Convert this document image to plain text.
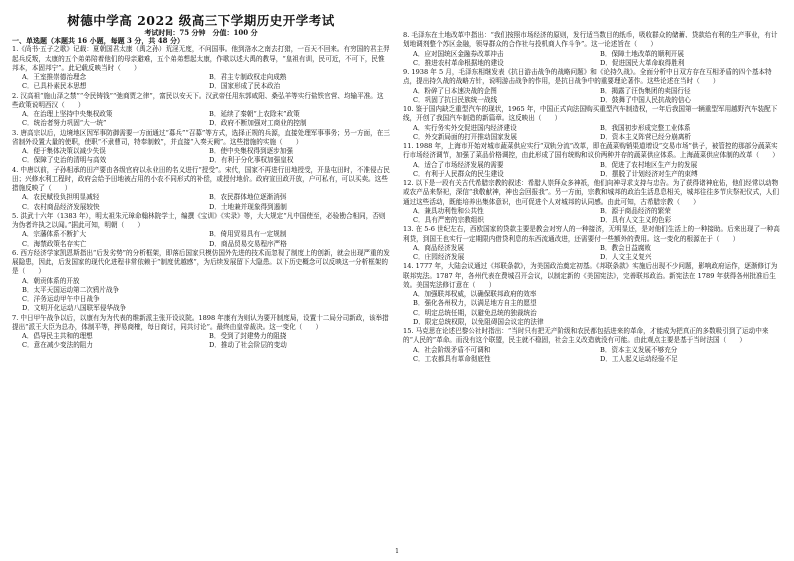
树德中学高 2022 级高三下学期历史开学考试
考试时间：75 分钟　分值：100 分
一、单选题（本题共 16 小题，每题 3 分，共 48 分）

1.《尚书·五子之歌》记载：夏朝国君太康（禹之孙）荒淫无度，不问国事。他到洛水之南去打猎，一百天不回来。有穷国的君主羿起兵反叛，太康的五个弟弟陪着他们的母亲避难，五个弟弟想起太康，作歌以述大禹的教导，“皇祖有训，民可近，不可下，民惟邦本，本固邦宁”。此记载反映当时（　　）

A．王室推崇德治理念	B．君主专制政权走向成熟
C．已具朴素民本思想	D．国家形成了民本政治

2. 汉高祖“施山泽之禁”“令民铸钱”“弛商贾之律”，富民以安天下。汉武帝任用东郭咸阳、桑弘羊等实行盐铁官营、均输平准。这些政策说明西汉（　　）

A．在治理上坚持中央集权政策	B．延续了秦朝“上农除末”政策
C．统治者努力巩固“大一统”	D．政府不断加强对工商业的控制

3. 唐高宗以后，边境地区因军事防御需要一方面通过“募兵”“召募”等方式，选择正规的兵源，直接处理军事事务；另一方面，在三省制外设置大量的使职，使职“不隶曹司，特奉制敕”，并直接“入奏天阙”。这些措施的实施（　　）

A．便于集体决策以减少失误	B．使中央集权得到逐步加强
C．保障了史治的清明与高效	D．有利于分化事权加强皇权

4. 中唐以前，子孙相承的田产要由各级官府以永业田的名义进行“授受”。宋代，国家不再进行田地授受，开垦屯田时，不准侵占民田；兴修水利工程时，政府会给予田地被占用的小农不同形式的补偿，或授付地价。政府宣田政开放，户可私有，可以买卖。这些措施反映了（　　）

A．农民赋役负担明显减轻	B．农民群体地位逐渐消弭
C．农村商品经济发展较快	D．土地兼并现象得到遏制

5. 洪武十六年（1383 年），明太祖朱元璋命翰林院学士，编撰《宝训》《实录》等，大大规定“凡中国使至，必验勘合相同，否则为伪者许执之以闻。”据此可知，明朝（　　）

A．宗藩体系不断扩大	B．倚用贸易具有一定规制
C．海禁政策名存实亡	D．商品贸易交易程序严格

6. 西方经济学家凯恩斯指出“后发劣势”的分析框架，即落后国家只模仿国外先进的技术而忽视了制度上的创新，就会出现严重的发展隐患，因此，后发国家的现代化进程非常依赖于“制度优越感”，为后续发展留下大隐患。以下历史概念可以反映这一分析框架的是（　　）

A．朝贡体系的开放
B．太平天国运动第二次鸦片战争
C．洋务运动甲午中日战争
D．文明开化运动八国联军侵华战争

7. 中日甲午战争以后，以康有为为代表的维新派主张开设议院。1898 年康有为则认为要开制度局，设置十二局分司新政，该举措提出“派王大臣为总办，体制平等，押易商榷，每日商讨，同共讨论”。最终由皇帝裁决。这一变化（　　）

A．倡导民主共和的理想	B．受到了封建势力的阻挠
C．意在减少变法的阻力	D．推动了社会阶层的变动

8. 毛泽东在土地改革中指出：“我们按照市场经济的原则，发行适当数目的纸币，吸收群众的储蓄、贷款给有利的生产事业，有计划地调剂整个苏区金融，领导群众的合作社与投机商人作斗争”。这一论述旨在（　　）

A．应对国统区金融券改革冲击	B．保障土地改革的顺利开展
C．推进农村革命根据地的建设	D．促进国民大革命取得胜利

9. 1938 年 5 月，毛泽东相继发表《抗日游击战争的战略问题》和《论持久战》。全面分析中日双方存在互相矛盾的四个基本特点，提出持久战的战略方针，说明游击战争的作用，是抗日战争中的重要理论著作。这些论述在当时（　　）

A．粉碎了日本速决战的企图	B．揭露了汪伪集团的卖国行径
C．巩固了抗日民族统一战线	D．鼓舞了中国人民抗战的信心

10. 鉴于国内缺乏重型汽车的现状，1965 年，中国正式向法国购买重型汽车制造权，一年后我国第一辆重型军用越野汽车装配下线，开创了我国汽车制造的新篇章。这反映出（　　）

A．实行务实外交促进国内经济建设	B．我国初步形成完整工业体系
C．外交新局面的打开推动国家发展	D．资本主义阵营已经分崩离析

11. 1988 年，上海市开始对城市蔬菜供应实行“双轨分流”改革，即在蔬菜购销渠道增设“交易市场”供子，被管控的那部分蔬菜实行市场经济调节，加强了菜品价格调控，由此形成了国有统购和议价两种并存的蔬菜供应体系。上海蔬菜供应体制的改革（　　）

A．适合了市场经济发展的需要	B．促进了农村地区生产力的发展
C．有利于人民群众的民生建设	D．摆脱了计划经济对生产的束缚

12. 以下是一段有关古代希腊宗教的叙述：希腊人崇拜众多神祇，他们向神寻求支持与忠告。为了获得诸神庇佑，他们经常以动物或农产品来祭祀，深信“我敬献神，神也会回报我”。另一方面，宗教和城邦的政治生活息息相关，城邦往往多节庆祭祀仪式，人们通过这些活动，既能培养出集体意识，也可促进个人对城邦的认同感。由此可知，古希腊宗教（　　）

A．兼具功利性和公共性	B．源于商品经济的繁荣
C．具有严密的宗教组织	D．具有人文主义的色彩

13. 在 5-6 世纪左右，西欧国家的贷款主要是教会对穷人的一种接济，无明显还，是对他们生活上的一种接助。后来出现了一种高利贷，到国王也实行一定期限内借贷利息的东西流通改进，还需要付一些额外的费用。这一变化的根源在于（　　）

A．商品经济发展	B．教会日益腐败
C．庄园经济发展	D．人文主义复兴

14. 1777 年，大陆会议通过《邦联条款》，为美国政治奠定初基。《邦联条款》实施后出现不少问题，影响政府运作，逐渐修订为联邦宪法。1787 年，各州代表在费城召开会议，以制定新的《美国宪法》，完善联邦政治。新宪法在 1789 年获得各州批准后生效。美国宪法修订意在（　　）

A．加强联邦权威，以确保联邦政府的效率
B．强化各州权力，以满足地方自主的愿望
C．明定总统任期，以避免总统的独裁统治
D．限定总统权限，以免阻碍国会议定的法律

15. 马克思在论述巴黎公社时指出：“当时只有把无产阶级和农民都包括进来的革命，才能成为把真正的多数吸引到了运动中来的“人民的”革命。而没有这个联盟，民主就不稳固，社会主义改造就没有可能。由此观点主要是基于当时法国（　　）

A．社会阶级矛盾不可调和	B．资本主义发展不够充分
C．工农都具有革命彻底性	D．工人起义运动经验不足
1
